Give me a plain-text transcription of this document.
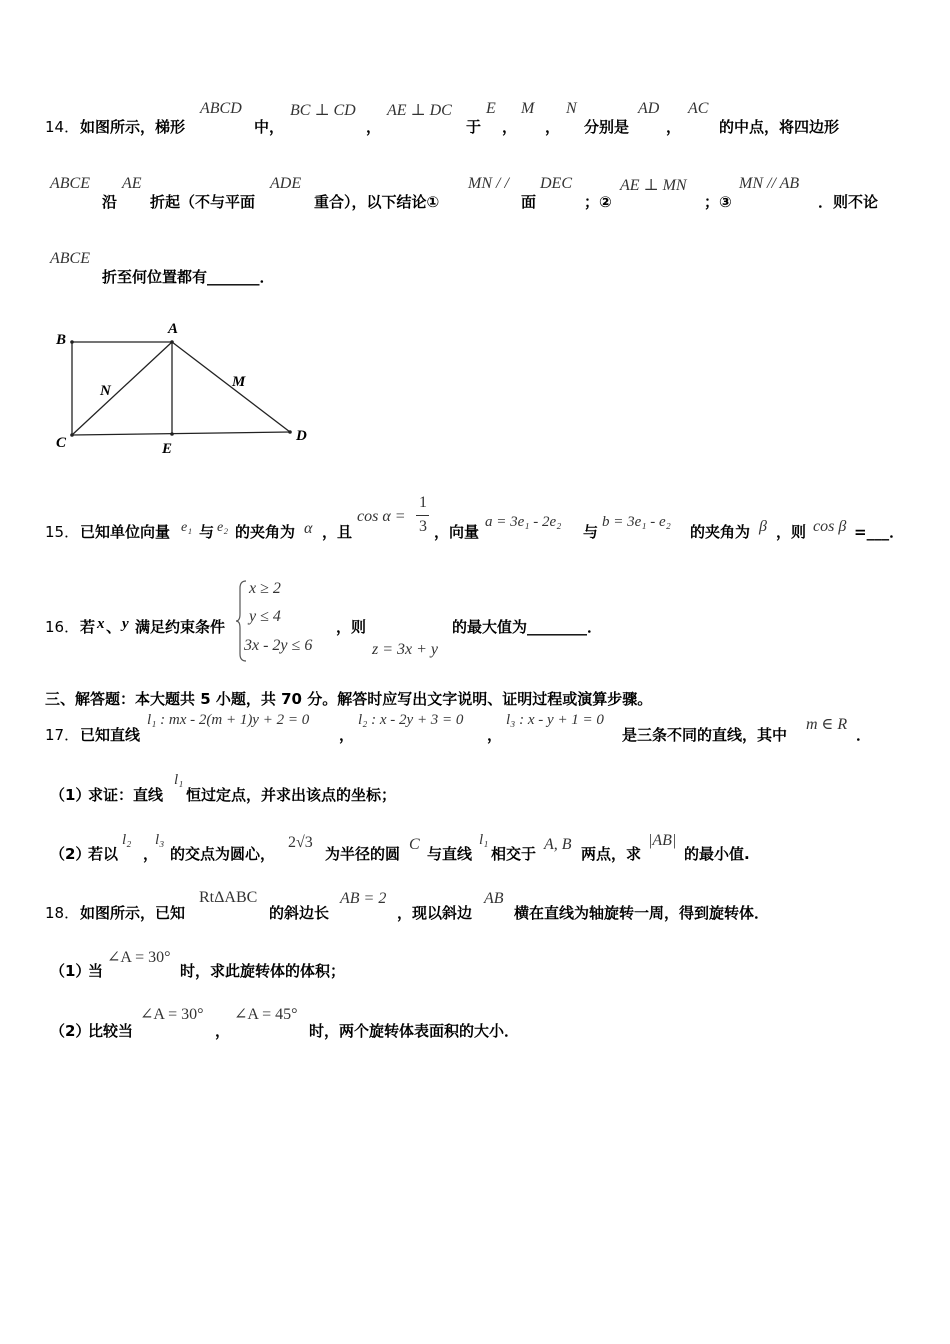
14． 如图所示，梯形
ABCD
中，
BC ⊥ CD
，
AE ⊥ DC
于
E
，
M
，
N
分别是
AD
，
AC
的中点，将四边形
ABCE
沿
AE
折起（不与平面
ADE
重合），以下结论①
MN / /
面
DEC
；②
AE ⊥ MN
；③
MN // AB
．则不论
ABCE
折至何位置都有_______．
B
A
C	D
E
M
N
15． 已知单位向量 e₁ 与 e₂ 的夹角为 α ，且
cos α =
1
3 ，向量
a = 3e₁ - 2e₂
与
b = 3e₁ - e₂
的夹角为 β ，则 cos β =___．
16． 若 x 、 y 满足约束条件
x ≥ 2
y ≤ 4
3x - 2y ≤ 6
，则
z = 3x + y
的最大值为________．
三、解答题：本大题共 5 小题，共 70 分。解答时应写出文字说明、证明过程或演算步骤。
17． 已知直线
l₁ : mx - 2(m + 1)y + 2 = 0
，
l₂ : x - 2y + 3 = 0
，
l₃ : x - y + 1 = 0
是三条不同的直线，其中
m ∈ R
．
（1）
求证：直线
l₁
恒过定点，并求出该点的坐标；
（2）
若以
l₂
，
l₃
的交点为圆心，
2√3
为半径的圆
C
与直线
l₁
相交于
A, B
两点，求
|AB|
的最小值.
18． 如图所示，已知
RtΔABC
的斜边长
AB = 2
，现以斜边
AB
横在直线为轴旋转一周，得到旋转体．
（1）
当
∠A = 30°
时，求此旋转体的体积；
（2）
比较当
∠A = 30°
，
∠A = 45°
时，两个旋转体表面积的大小．
